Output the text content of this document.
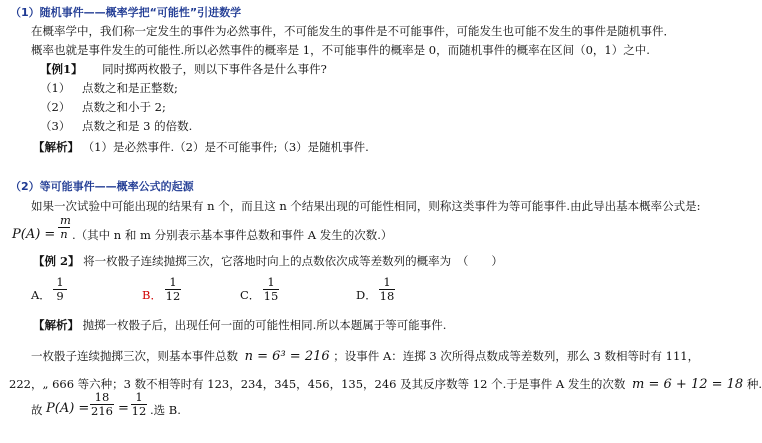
（1）随机事件——概率学把“可能性”引进数学
在概率学中，我们称一定发生的事件为必然事件，不可能发生的事件是不可能事件，可能发生也可能不发生的事件是随机事件．
概率也就是事件发生的可能性.所以必然事件的概率是 1，不可能事件的概率是 0，而随机事件的概率在区间（0，1）之中.
【例1】 同时掷两枚骰子，则以下事件各是什么事件?
（1） 点数之和是正整数;
（2） 点数之和小于 2;
（3） 点数之和是 3 的倍数.
【解析】 （1）是必然事件.（2）是不可能事件;（3）是随机事件.
（2）等可能事件——概率公式的起源
如果一次试验中可能出现的结果有 n 个，而且这 n 个结果出现的可能性相同，则称这类事件为等可能事件.由此导出基本概率公式是:
P(A) =
m
n .（其中 n 和 m 分别表示基本事件总数和事件 A 发生的次数.）
【例 2】 将一枚骰子连续抛掷三次，它落地时向上的点数依次成等差数列的概率为　（　　）
A．
1
9	B．
1
12	C．
1
15	D．
1
18
【解析】 抛掷一枚骰子后，出现任何一面的可能性相同.所以本题属于等可能事件.
一枚骰子连续抛掷三次，则基本事件总数 n = 6³ = 216 ；设事件 A：连掷 3 次所得点数成等差数列，那么 3 数相等时有 111，
222，„ 666 等六种；3 数不相等时有 123，234，345，456，135，246 及其反序数等 12 个.于是事件 A 发生的次数 m = 6 + 12 = 18 种.
故 P(A) =
18
216 =
1
12 .选 B.
